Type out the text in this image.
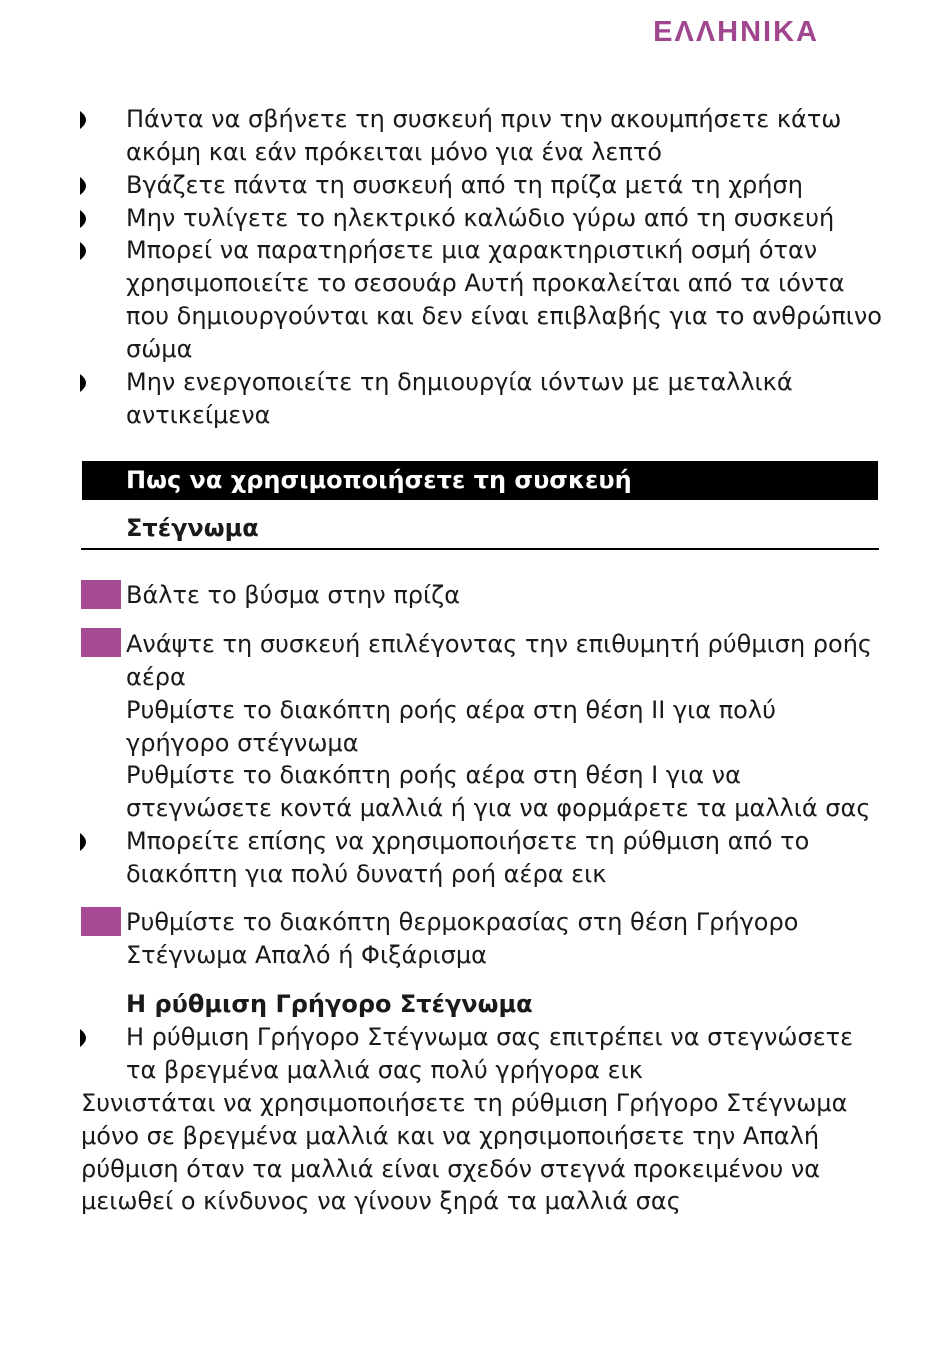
ΕΛΛΗΝΙΚΑ
Πάντα να σβήνετε τη συσκευή πριν την ακουμπήσετε κάτω
ακόμη και εάν πρόκειται μόνο για ένα λεπτό
Βγάζετε πάντα τη συσκευή από τη πρίζα μετά τη χρήση
Μην τυλίγετε το ηλεκτρικό καλώδιο γύρω από τη συσκευή
Μπορεί να παρατηρήσετε μια χαρακτηριστική οσμή όταν
χρησιμοποιείτε το σεσουάρ Αυτή προκαλείται από τα ιόντα
που δημιουργούνται και δεν είναι επιβλαβής για το ανθρώπινο
σώμα
Μην ενεργοποιείτε τη δημιουργία ιόντων με μεταλλικά
αντικείμενα
Πως να χρησιμοποιήσετε τη συσκευή
Στέγνωμα
Βάλτε το βύσμα στην πρίζα
Ανάψτε τη συσκευή επιλέγοντας την επιθυμητή ρύθμιση ροής
αέρα
Ρυθμίστε το διακόπτη ροής αέρα στη θέση II για πολύ
γρήγορο στέγνωμα
Ρυθμίστε το διακόπτη ροής αέρα στη θέση I για να
στεγνώσετε κοντά μαλλιά ή για να φορμάρετε τα μαλλιά σας
Μπορείτε επίσης να χρησιμοποιήσετε τη ρύθμιση από το
διακόπτη για πολύ δυνατή ροή αέρα εικ
Ρυθμίστε το διακόπτη θερμοκρασίας στη θέση Γρήγορο
Στέγνωμα Απαλό ή Φιξάρισμα
Η ρύθμιση Γρήγορο Στέγνωμα
Η ρύθμιση Γρήγορο Στέγνωμα σας επιτρέπει να στεγνώσετε
τα βρεγμένα μαλλιά σας πολύ γρήγορα εικ
Συνιστάται να χρησιμοποιήσετε τη ρύθμιση Γρήγορο Στέγνωμα
μόνο σε βρεγμένα μαλλιά και να χρησιμοποιήσετε την Απαλή
ρύθμιση όταν τα μαλλιά είναι σχεδόν στεγνά προκειμένου να
μειωθεί ο κίνδυνος να γίνουν ξηρά τα μαλλιά σας
